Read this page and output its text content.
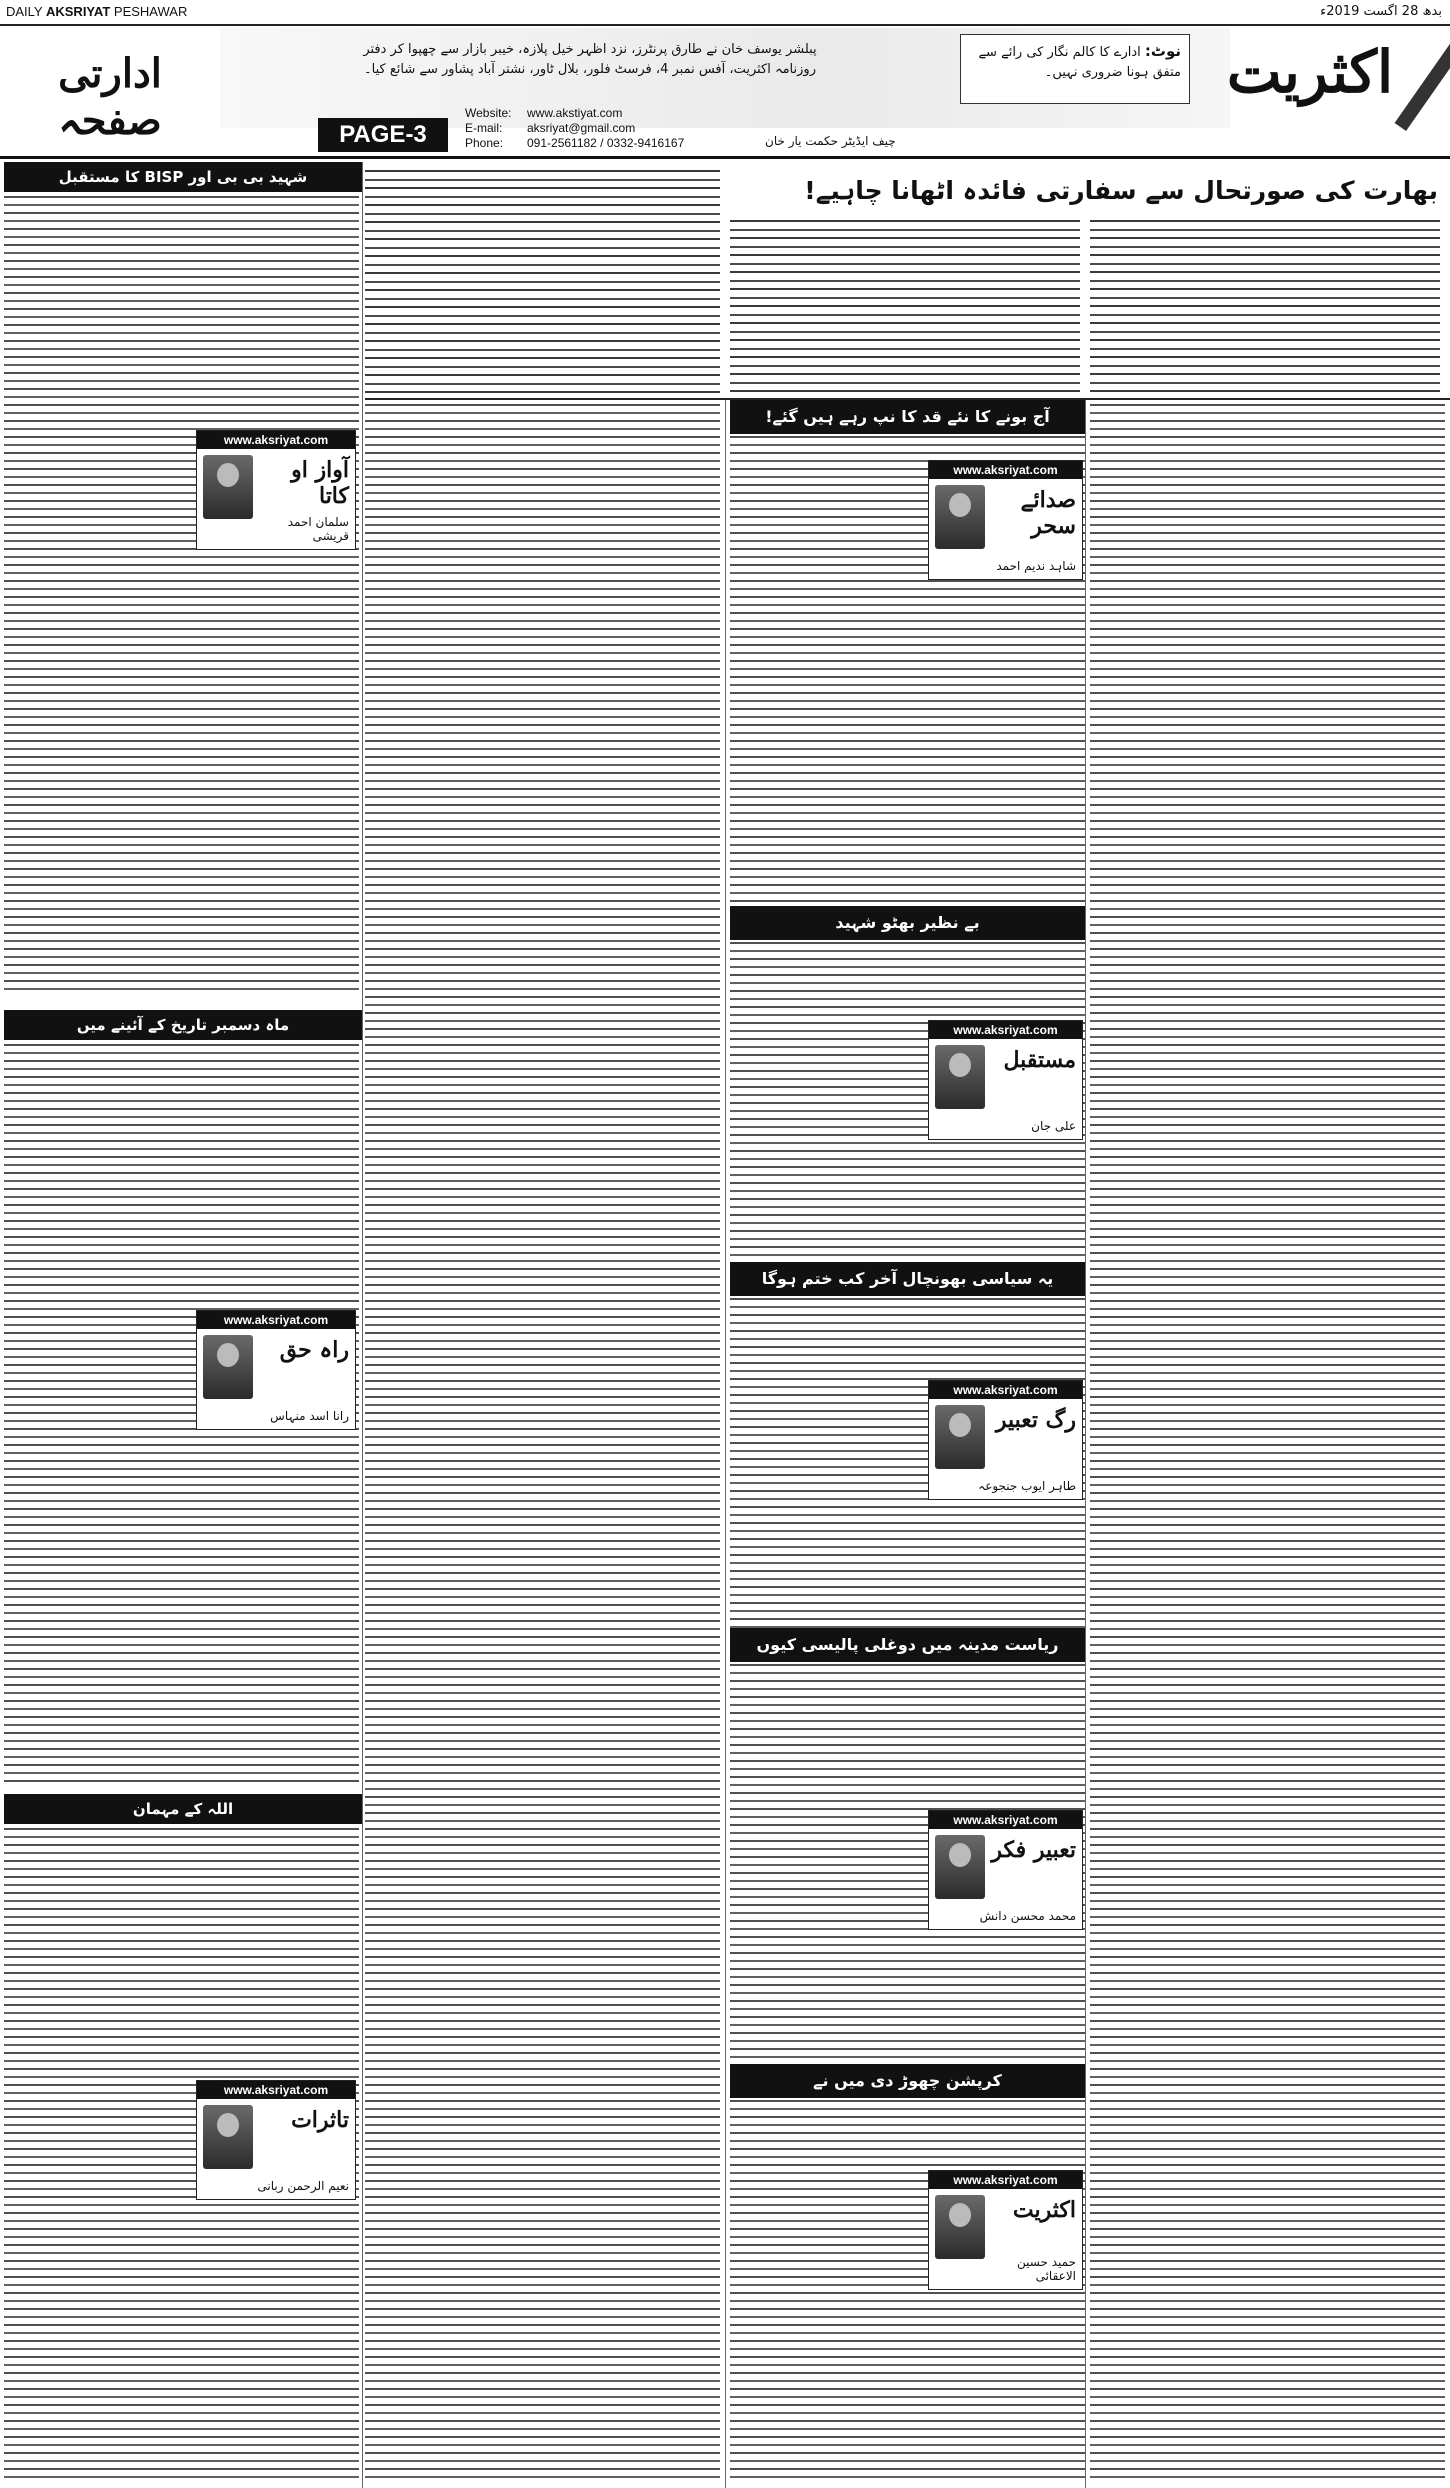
DAILY AKSRIYAT PESHAWAR	بدھ 28 اگست 2019ء
ادارتی صفحہ
پبلشر یوسف خان نے طارق پرنٹرز، نزد اظہر خیل پلازہ، خیبر بازار سے چھپوا کر دفتر
روزنامہ اکثریت، آفس نمبر 4، فرسٹ فلور، بلال ٹاور، نشتر آباد پشاور سے شائع کیا۔
نوٹ: ادارے کا کالم نگار کی رائے سے متفق ہونا ضروری نہیں۔ اکثریت
PAGE-3
Website: www.akstiyat.com
E-mail: aksriyat@gmail.com
Phone: 091-2561182 / 0332-9416167	چیف ایڈیٹر حکمت یار خان
بھارت کی صورتحال سے سفارتی فائدہ اٹھانا چاہیے!
آج بونے کا نئے قد کا نپ رہے ہیں گئے!
www.aksriyat.com
صدائے سحر
شاہد ندیم احمد
بے نظیر بھٹو شہید
www.aksriyat.com
مستقبل
علی جان
یہ سیاسی بھونچال آخر کب ختم ہوگا
www.aksriyat.com
رگ تعبیر
طاہر ایوب جنجوعہ
ریاست مدینہ میں دوغلی پالیسی کیوں
www.aksriyat.com
تعبیر فکر
محمد محسن دانش
کرپشن چھوڑ دی میں نے
www.aksriyat.com
اکثریت
حمید حسین الاعقائی
شہید بی بی اور BISP کا مستقبل
www.aksriyat.com
آواز او کاتا
سلمان احمد قریشی
ماہ دسمبر تاریخ کے آئینے میں
www.aksriyat.com
راہ حق
رانا اسد منہاس
اللہ کے مہمان
www.aksriyat.com
تاثرات
نعیم الرحمن ربانی
